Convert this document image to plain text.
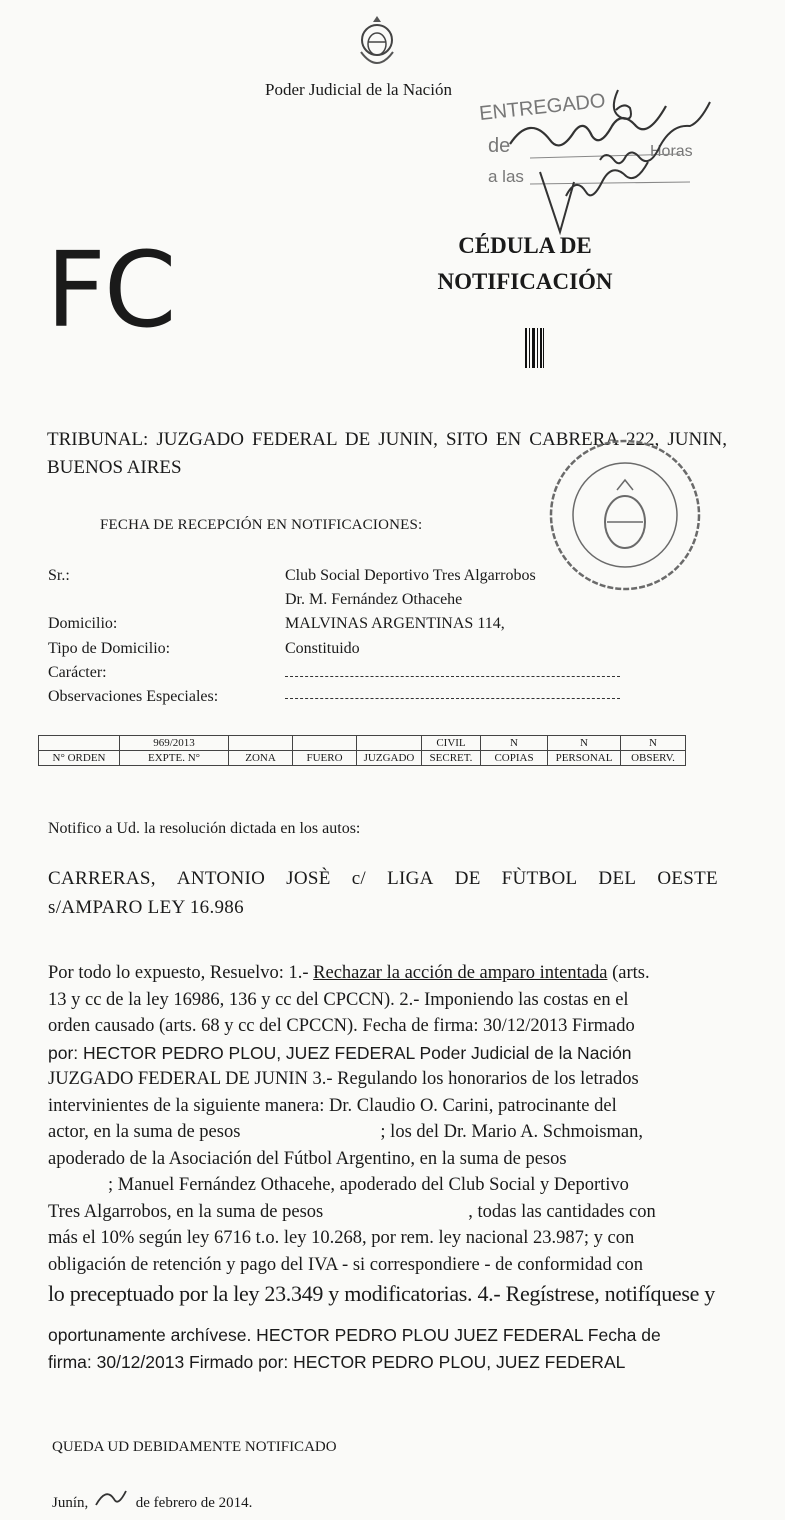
Poder Judicial de la Nación
ENTREGADO
de
a las
Horas
FC	CÉDULA DE
NOTIFICACIÓN
TRIBUNAL: JUZGADO FEDERAL DE JUNIN, SITO EN CABRERA 222, JUNIN, BUENOS AIRES
FECHA DE RECEPCIÓN EN NOTIFICACIONES:
Sr.:	Club Social Deportivo Tres Algarrobos
Dr. M. Fernández Othacehe
Domicilio:	MALVINAS ARGENTINAS 114,
Tipo de Domicilio:	Constituido
Carácter:
Observaciones Especiales:
	969/2013				CIVIL	N	N	N
N° ORDEN	EXPTE. N°	ZONA	FUERO	JUZGADO	SECRET.	COPIAS	PERSONAL	OBSERV.
Notifico a Ud. la resolución dictada en los autos:
CARRERAS, ANTONIO JOSÈ c/ LIGA DE FÙTBOL DEL OESTE
s/AMPARO LEY 16.986
Por todo lo expuesto, Resuelvo: 1.- Rechazar la acción de amparo intentada (arts.
13 y cc de la ley 16986, 136 y cc del CPCCN). 2.- Imponiendo las costas en el
orden causado (arts. 68 y cc del CPCCN). Fecha de firma: 30/12/2013 Firmado
por: HECTOR PEDRO PLOU, JUEZ FEDERAL Poder Judicial de la Nación
JUZGADO FEDERAL DE JUNIN 3.- Regulando los honorarios de los letrados
intervinientes de la siguiente manera: Dr. Claudio O. Carini, patrocinante del
actor, en la suma de pesos	; los del Dr. Mario A. Schmoisman,
apoderado de la Asociación del Fútbol Argentino, en la suma de pesos
; Manuel Fernández Othacehe, apoderado del Club Social y Deportivo
Tres Algarrobos, en la suma de pesos	, todas las cantidades con
más el 10% según ley 6716 t.o. ley 10.268, por rem. ley nacional 23.987; y con
obligación de retención y pago del IVA - si correspondiere - de conformidad con
lo preceptuado por la ley 23.349 y modificatorias. 4.- Regístrese, notifíquese y
oportunamente archívese. HECTOR PEDRO PLOU JUEZ FEDERAL Fecha de
firma: 30/12/2013 Firmado por: HECTOR PEDRO PLOU, JUEZ FEDERAL
QUEDA UD DEBIDAMENTE NOTIFICADO
Junín,	de febrero de 2014.
